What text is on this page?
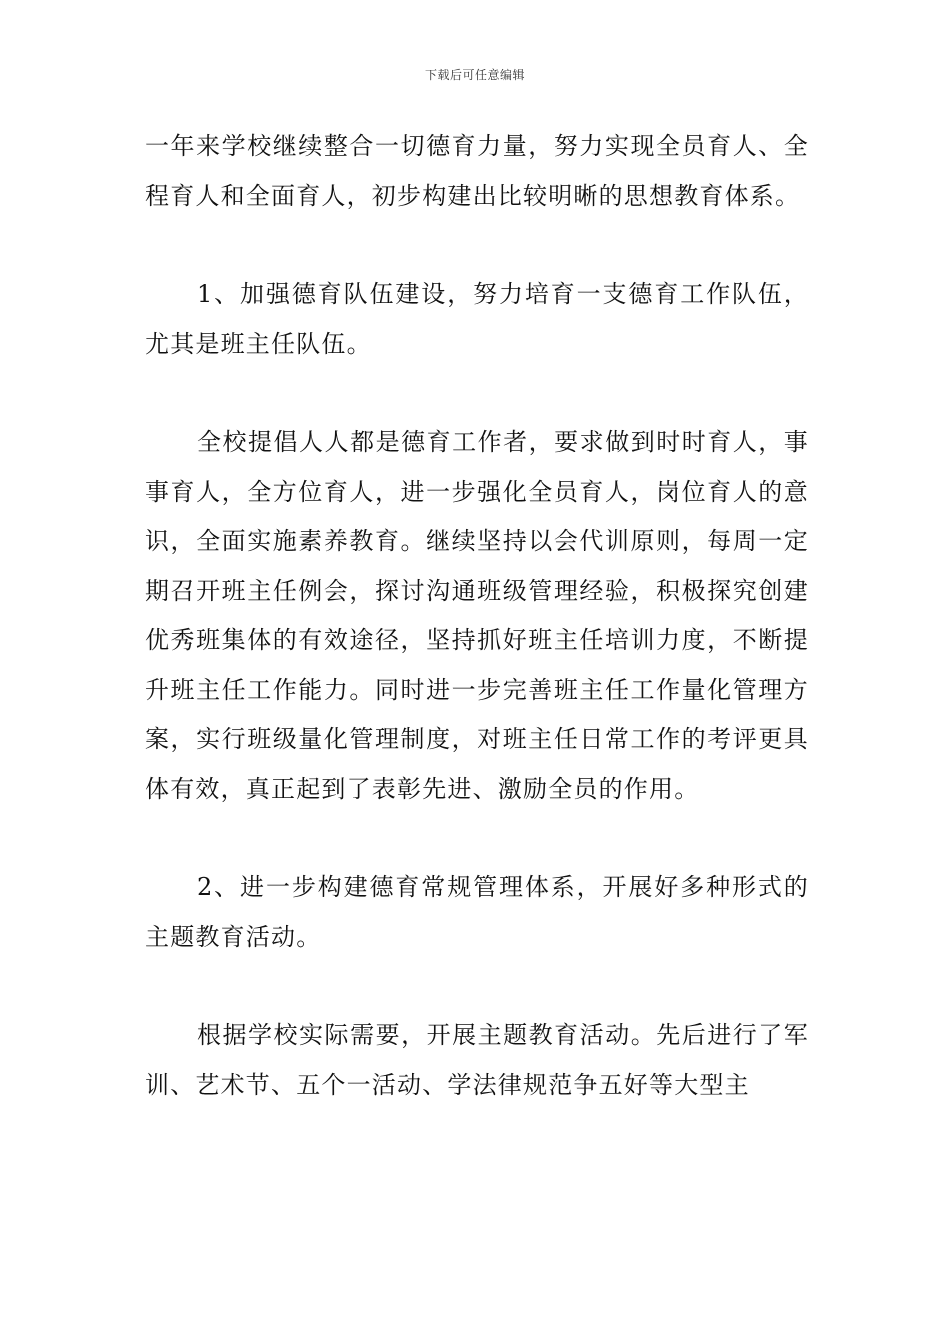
下载后可任意编辑

一年来学校继续整合一切德育力量，努力实现全员育人、全程育人和全面育人，初步构建出比较明晰的思想教育体系。

1、加强德育队伍建设，努力培育一支德育工作队伍，尤其是班主任队伍。

全校提倡人人都是德育工作者，要求做到时时育人，事事育人，全方位育人，进一步强化全员育人，岗位育人的意识，全面实施素养教育。继续坚持以会代训原则，每周一定期召开班主任例会，探讨沟通班级管理经验，积极探究创建优秀班集体的有效途径，坚持抓好班主任培训力度，不断提升班主任工作能力。同时进一步完善班主任工作量化管理方案，实行班级量化管理制度，对班主任日常工作的考评更具体有效，真正起到了表彰先进、激励全员的作用。

2、进一步构建德育常规管理体系，开展好多种形式的主题教育活动。

根据学校实际需要，开展主题教育活动。先后进行了军训、艺术节、五个一活动、学法律规范争五好等大型主
